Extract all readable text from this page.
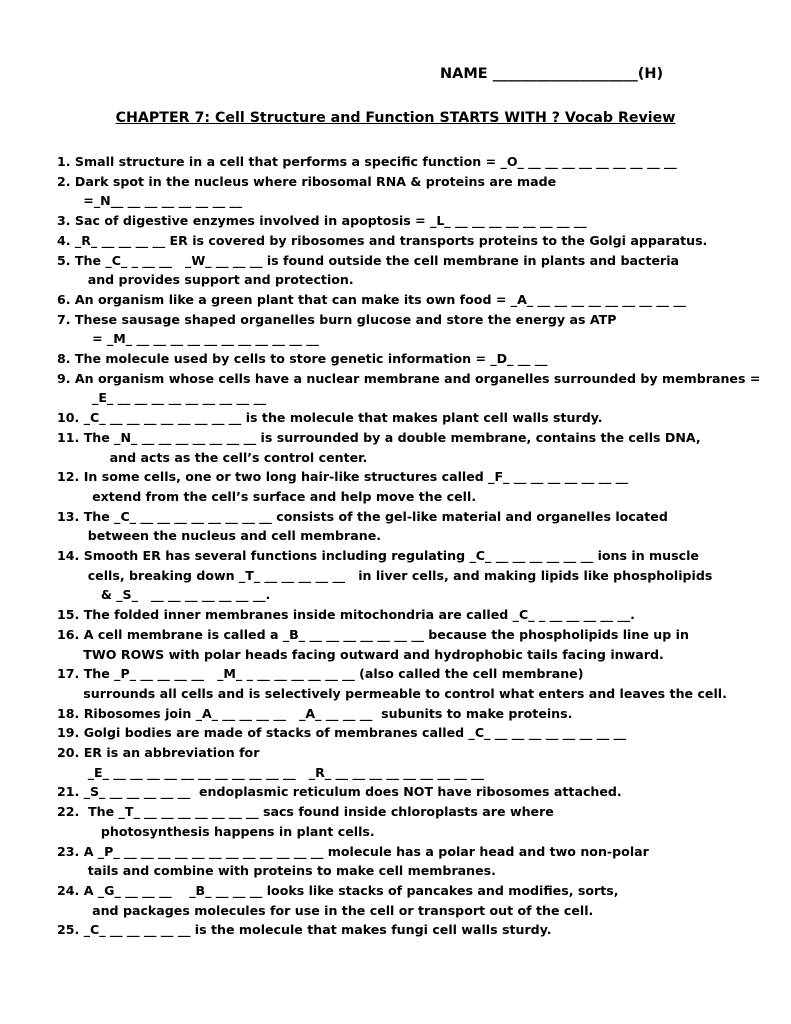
NAME ____________________(H)
CHAPTER 7: Cell Structure and Function STARTS WITH ? Vocab Review
1. Small structure in a cell that performs a specific function = _O_ __ __ __ __ __ __ __ __ __
2. Dark spot in the nucleus where ribosomal RNA & proteins are made
=_N__ __ __ __ __ __ __ __
3. Sac of digestive enzymes involved in apoptosis = _L_ __ __ __ __ __ __ __ __
4. _R_ __ __ __ __ ER is covered by ribosomes and transports proteins to the Golgi apparatus.
5. The _C_ _ __ __   _W_ __ __ __ is found outside the cell membrane in plants and bacteria
and provides support and protection.
6. An organism like a green plant that can make its own food = _A_ __ __ __ __ __ __ __ __ __
7. These sausage shaped organelles burn glucose and store the energy as ATP
= _M_ __ __ __ __ __ __ __ __ __ __ __
8. The molecule used by cells to store genetic information = _D_ __ __
9. An organism whose cells have a nuclear membrane and organelles surrounded by membranes =
_E_ __ __ __ __ __ __ __ __ __
10. _C_ __ __ __ __ __ __ __ __ is the molecule that makes plant cell walls sturdy.
11. The _N_ __ __ __ __ __ __ __ is surrounded by a double membrane, contains the cells DNA,
and acts as the cell’s control center.
12. In some cells, one or two long hair-like structures called _F_ __ __ __ __ __ __ __
extend from the cell’s surface and help move the cell.
13. The _C_ __ __ __ __ __ __ __ __ consists of the gel-like material and organelles located
between the nucleus and cell membrane.
14. Smooth ER has several functions including regulating _C_ __ __ __ __ __ __ ions in muscle
cells, breaking down _T_ __ __ __ __ __   in liver cells, and making lipids like phospholipids
& _S_   __ __ __ __ __ __ __.
15. The folded inner membranes inside mitochondria are called _C_ _ __ __ __ __ __.
16. A cell membrane is called a _B_ __ __ __ __ __ __ __ because the phospholipids line up in
TWO ROWS with polar heads facing outward and hydrophobic tails facing inward.
17. The _P_ __ __ __ __   _M_ _ __ __ __ __ __ __ (also called the cell membrane)
surrounds all cells and is selectively permeable to control what enters and leaves the cell.
18. Ribosomes join _A_ __ __ __ __   _A_ __ __ __  subunits to make proteins.
19. Golgi bodies are made of stacks of membranes called _C_ __ __ __ __ __ __ __ __
20. ER is an abbreviation for
_E_ __ __ __ __ __ __ __ __ __ __ __   _R_ __ __ __ __ __ __ __ __ __
21. _S_ __ __ __ __ __  endoplasmic reticulum does NOT have ribosomes attached.
22.  The _T_ __ __ __ __ __ __ __ sacs found inside chloroplasts are where
photosynthesis happens in plant cells.
23. A _P_ __ __ __ __ __ __ __ __ __ __ __ __ molecule has a polar head and two non-polar
tails and combine with proteins to make cell membranes.
24. A _G_ __ __ __    _B_ __ __ __ looks like stacks of pancakes and modifies, sorts,
and packages molecules for use in the cell or transport out of the cell.
25. _C_ __ __ __ __ __ is the molecule that makes fungi cell walls sturdy.
